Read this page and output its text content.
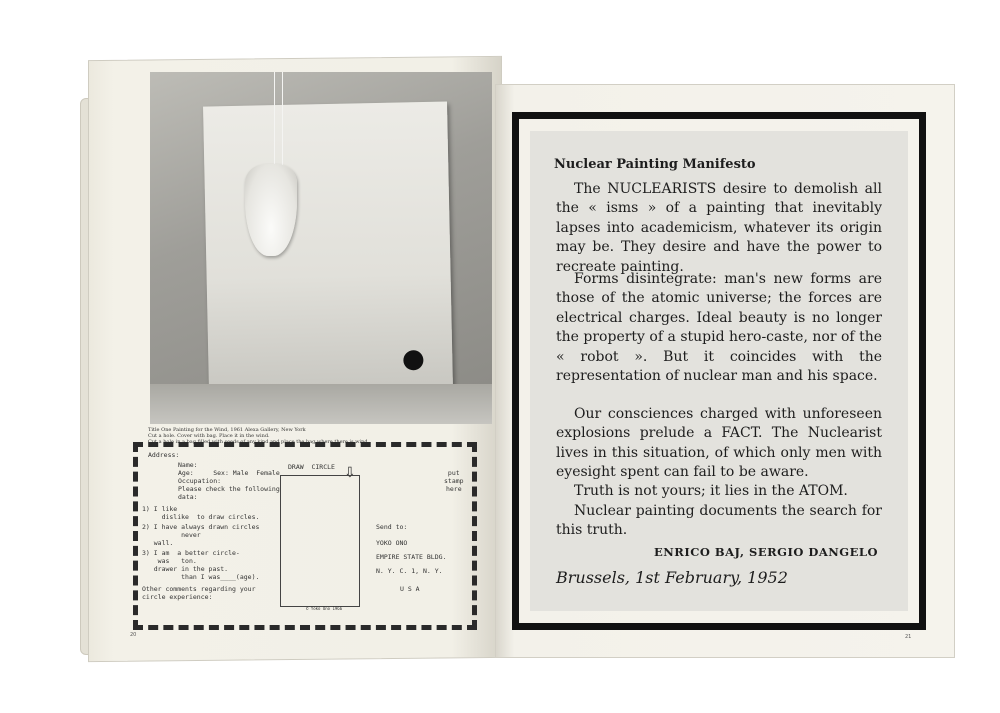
Title One Painting for the Wind, 1961 Alexa Gallery, New York
Cut a hole. Cover with bag. Place it in the wind.
Cut a hole in a bag filled with seeds of any kind and place the bag where there is wind.
Address:
Name:
Age:     Sex: Male  Female
Occupation:
Please check the following
data:
1) I like
dislike  to draw circles.
2) I have always drawn circles
never
wall.
3) I am  a better circle-
was   ton.
drawer in the past.
than I was____(age).
Other comments regarding your
circle experience:
DRAW  CIRCLE ⇩
© Yoko Ono 1966
put
stamp
here
Send to:
YOKO ONO
EMPIRE STATE BLDG.
N. Y. C. 1, N. Y.
U S A
20
Nuclear Painting Manifesto
The NUCLEARISTS desire to demolish all the « isms » of a painting that inevitably lapses into academicism, whatever its origin may be. They desire and have the power to recreate painting.
Forms disintegrate: man's new forms are those of the atomic universe; the forces are electrical charges. Ideal beauty is no longer the property of a stupid hero-caste, nor of the « robot ». But it coincides with the representation of nuclear man and his space.
Our consciences charged with unforeseen explosions prelude a FACT. The Nuclearist lives in this situation, of which only men with eyesight spent can fail to be aware.
Truth is not yours; it lies in the ATOM.
Nuclear painting documents the search for this truth.
ENRICO BAJ, SERGIO DANGELO
Brussels, 1st February, 1952
21
